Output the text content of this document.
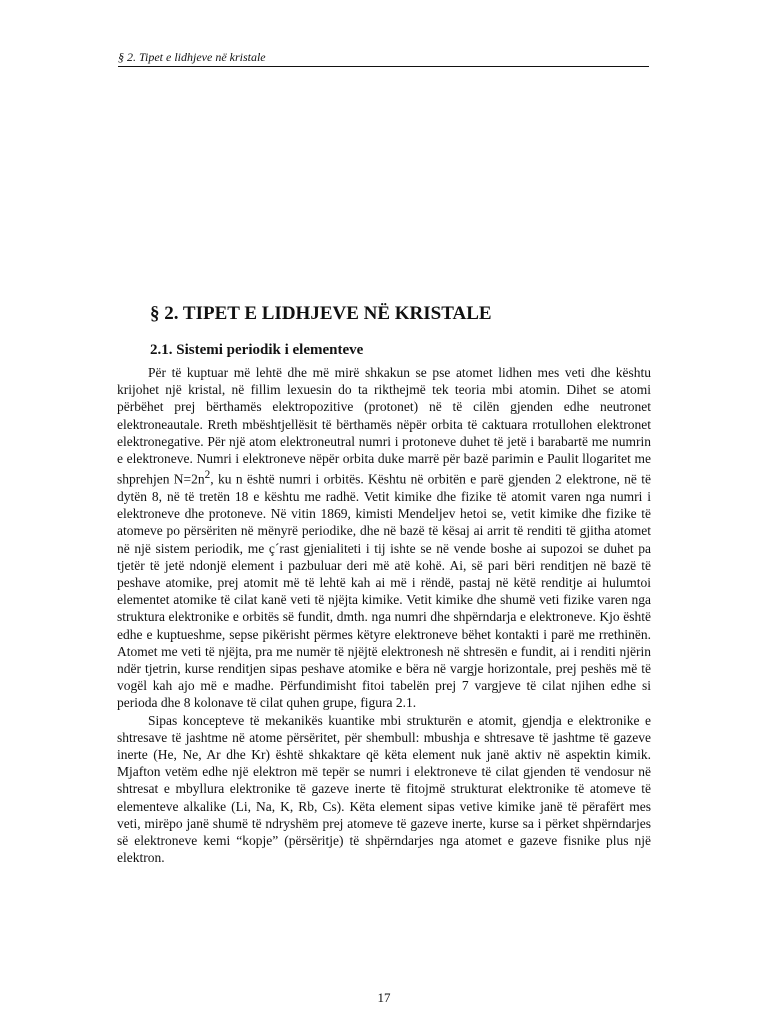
§ 2. Tipet e lidhjeve në kristale
§ 2. TIPET E LIDHJEVE NË KRISTALE
2.1. Sistemi periodik i elementeve

Për të kuptuar më lehtë dhe më mirë shkakun se pse atomet lidhen mes veti dhe kështu krijohet një kristal, në fillim lexuesin do ta rikthejmë tek teoria mbi atomin. Dihet se atomi përbëhet prej bërthamës elektropozitive (protonet) në të cilën gjenden edhe neutronet elektroneautale. Rreth mbështjellësit të bërthamës nëpër orbita të caktuara rrotullohen elektronet elektronegative. Për një atom elektroneutral numri i protoneve duhet të jetë i barabartë me numrin e elektroneve. Numri i elektroneve nëpër orbita duke marrë për bazë parimin e Paulit llogaritet me shprehjen $N=2n^2$, ku n është numri i orbitës. Kështu në orbitën e parë gjenden 2 elektrone, në të dytën 8, në të tretën 18 e kështu me radhë. Vetit kimike dhe fizike të atomit varen nga numri i elektroneve dhe protoneve. Në vitin 1869, kimisti Mendeljev hetoi se, vetit kimike dhe fizike të atomeve po përsëriten në mënyrë periodike, dhe në bazë të kësaj ai arrit të renditi të gjitha atomet në një sistem periodik, me ç´rast gjenialiteti i tij ishte se në vende boshe ai supozoi se duhet pa tjetër të jetë ndonjë element i pazbuluar deri më atë kohë. Ai, së pari bëri renditjen në bazë të peshave atomike, prej atomit më të lehtë kah ai më i rëndë, pastaj në këtë renditje ai hulumtoi elementet atomike të cilat kanë veti të njëjta kimike. Vetit kimike dhe shumë veti fizike varen nga struktura elektronike e orbitës së fundit, dmth. nga numri dhe shpërndarja e elektroneve. Kjo është edhe e kuptueshme, sepse pikërisht përmes këtyre elektroneve bëhet kontakti i parë me rrethinën. Atomet me veti të njëjta, pra me numër të njëjtë elektronesh në shtresën e fundit, ai i renditi njërin ndër tjetrin, kurse renditjen sipas peshave atomike e bëra në vargje horizontale, prej peshës më të vogël kah ajo më e madhe. Përfundimisht fitoi tabelën prej 7 vargjeve të cilat njihen edhe si perioda dhe 8 kolonave të cilat quhen grupe, figura 2.1.

Sipas koncepteve të mekanikës kuantike mbi strukturën e atomit, gjendja e elektronike e shtresave të jashtme në atome përsëritet, për shembull: mbushja e shtresave të jashtme të gazeve inerte (He, Ne, Ar dhe Kr) është shkaktare që këta element nuk janë aktiv në aspektin kimik. Mjafton vetëm edhe një elektron më tepër se numri i elektroneve të cilat gjenden të vendosur në shtresat e mbyllura elektronike të gazeve inerte të fitojmë strukturat elektronike të atomeve të elementeve alkalike (Li, Na, K, Rb, Cs). Këta element sipas vetive kimike janë të përafërt mes veti, mirëpo janë shumë të ndryshëm prej atomeve të gazeve inerte, kurse sa i përket shpërndarjes së elektroneve kemi “kopje” (përsëritje) të shpërndarjes nga atomet e gazeve fisnike plus një elektron.

17
